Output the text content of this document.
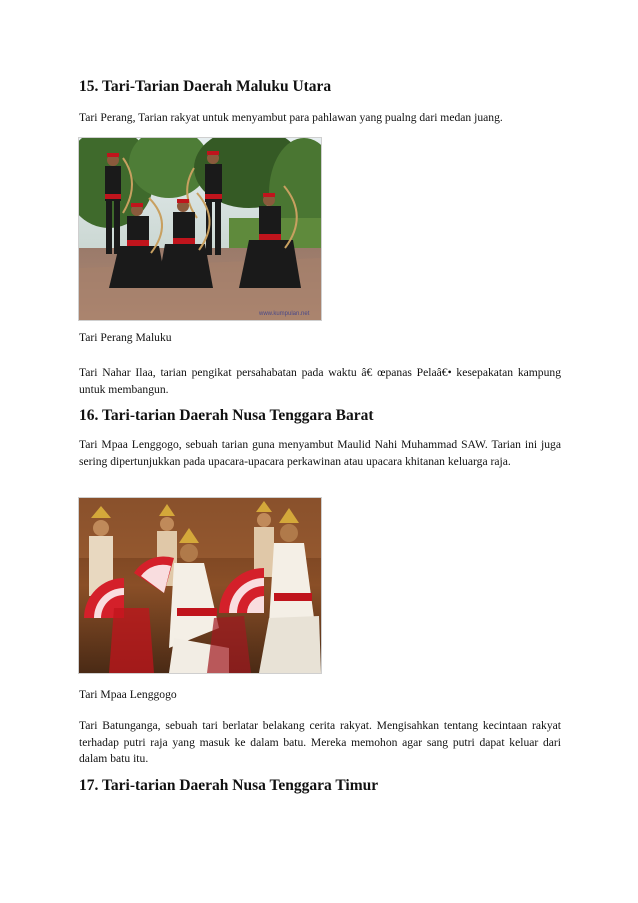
15. Tari-Tarian Daerah Maluku Utara

Tari Perang, Tarian rakyat untuk menyambut para pahlawan yang pualng dari medan juang.

www.kumpulan.net

Tari Perang Maluku

Tari Nahar Ilaa, tarian pengikat persahabatan pada waktu â€ œpanas Pelaâ€• kesepakatan kampung untuk membangun.

16. Tari-tarian Daerah Nusa Tenggara Barat

Tari Mpaa Lenggogo, sebuah tarian guna menyambut Maulid Nahi Muhammad SAW. Tarian ini juga sering dipertunjukkan pada upacara-upacara perkawinan atau upacara khitanan keluarga raja.

Tari Mpaa Lenggogo

Tari Batunganga, sebuah tari berlatar belakang cerita rakyat. Mengisahkan tentang kecintaan rakyat terhadap putri raja yang masuk ke dalam batu. Mereka memohon agar sang putri dapat keluar dari dalam batu itu.

17. Tari-tarian Daerah Nusa Tenggara Timur
